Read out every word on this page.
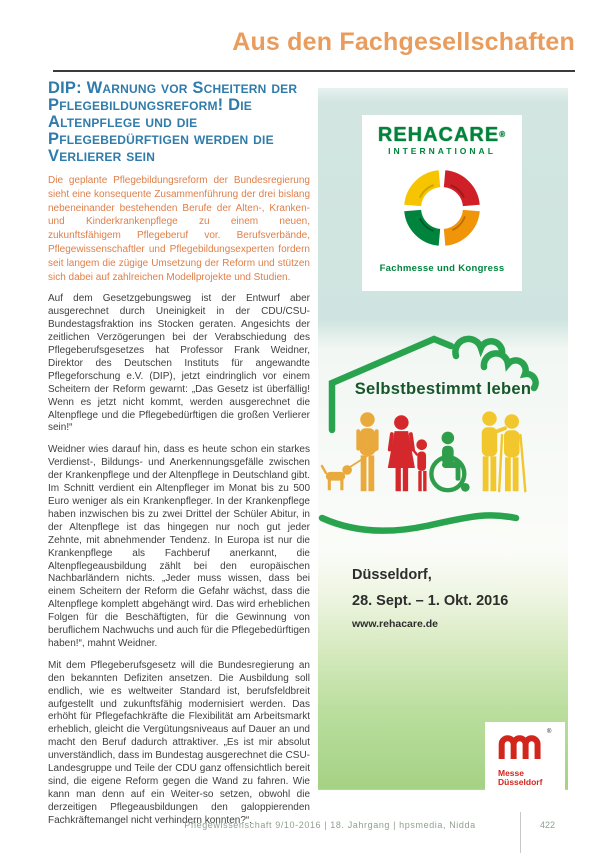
Aus den Fachgesellschaften
DIP: Warnung vor Scheitern der Pflegebildungsreform! Die Altenpflege und die Pflegebedürftigen werden die Verlierer sein

Die geplante Pflegebildungsreform der Bundesregierung sieht eine konsequente Zusammenführung der drei bislang nebeneinander bestehenden Berufe der Alten-, Kranken- und Kinderkrankenpflege zu einem neuen, zukunftsfähigem Pflegeberuf vor. Berufsverbände, Pflegewissenschaftler und Pflegebildungsexperten fordern seit langem die zügige Umsetzung der Reform und stützen sich dabei auf zahlreichen Modellprojekte und Studien.

Auf dem Gesetzgebungsweg ist der Entwurf aber ausgerechnet durch Uneinigkeit in der CDU/CSU-Bundestagsfraktion ins Stocken geraten. Angesichts der zeitlichen Verzögerungen bei der Verabschiedung des Pflegeberufsgesetzes hat Professor Frank Weidner, Direktor des Deutschen Instituts für angewandte Pflegeforschung e.V. (DIP), jetzt eindringlich vor einem Scheitern der Reform gewarnt: „Das Gesetz ist überfällig! Wenn es jetzt nicht kommt, werden ausgerechnet die Altenpflege und die Pflegebedürftigen die großen Verlierer sein!“

Weidner wies darauf hin, dass es heute schon ein starkes Verdienst-, Bildungs- und Anerkennungsgefälle zwischen der Krankenpflege und der Altenpflege in Deutschland gibt. Im Schnitt verdient ein Altenpfleger im Monat bis zu 500 Euro weniger als ein Krankenpfleger. In der Krankenpflege haben inzwischen bis zu zwei Drittel der Schüler Abitur, in der Altenpflege ist das hingegen nur noch gut jeder Zehnte, mit abnehmender Tendenz. In Europa ist nur die Krankenpflege als Fachberuf anerkannt, die Altenpflegeausbildung zählt bei den europäischen Nachbarländern nichts. „Jeder muss wissen, dass bei einem Scheitern der Reform die Gefahr wächst, dass die Altenpflege komplett abgehängt wird. Das wird erheblichen Folgen für die Beschäftigten, für die Gewinnung von beruflichem Nachwuchs und auch für die Pflegebedürftigen haben!“, mahnt Weidner.

Mit dem Pflegeberufsgesetz will die Bundesregierung an den bekannten Defiziten ansetzen. Die Ausbildung soll endlich, wie es weltweiter Standard ist, berufsfeldbreit aufgestellt und zukunftsfähig modernisiert werden. Das erhöht für Pflegefachkräfte die Flexibilität am Arbeitsmarkt erheblich, gleicht die Vergütungsniveaus auf Dauer an und macht den Beruf dadurch attraktiver. „Es ist mir absolut unverständlich, dass im Bundestag ausgerechnet die CSU-Landesgruppe und Teile der CDU ganz offensichtlich bereit sind, die eigene Reform gegen die Wand zu fahren. Wie kann man denn auf ein Weiter-so setzen, obwohl die derzeitigen Pflegeausbildungen den galoppierenden Fachkräftemangel nicht verhindern konnten?“.

REHACARE®
INTERNATIONAL
Fachmesse und Kongress
Selbstbestimmt leben
Düsseldorf,
28. Sept. – 1. Okt. 2016
www.rehacare.de
®
Messe
Düsseldorf
Pflegewissenschaft 9/10-2016 | 18. Jahrgang | hpsmedia, Nidda	422
